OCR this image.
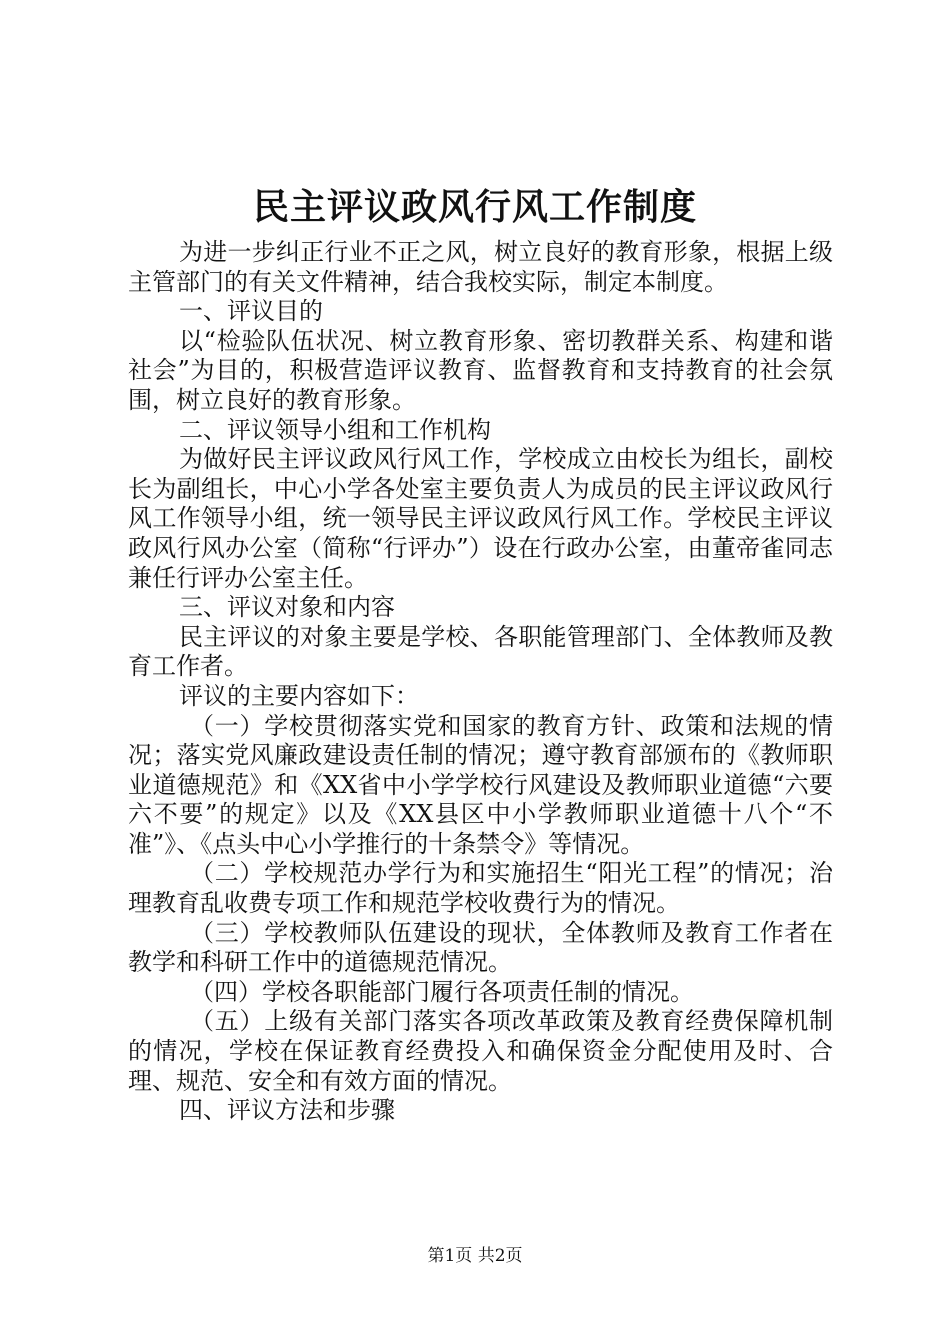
民主评议政风行风工作制度

为进一步纠正行业不正之风，树立良好的教育形象，根据上级主管部门的有关文件精神，结合我校实际，制定本制度。

一、评议目的

以“检验队伍状况、树立教育形象、密切教群关系、构建和谐社会”为目的，积极营造评议教育、监督教育和支持教育的社会氛围，树立良好的教育形象。

二、评议领导小组和工作机构

为做好民主评议政风行风工作，学校成立由校长为组长，副校长为副组长，中心小学各处室主要负责人为成员的民主评议政风行风工作领导小组，统一领导民主评议政风行风工作。学校民主评议政风行风办公室（简称“行评办”）设在行政办公室，由董帝雀同志兼任行评办公室主任。

三、评议对象和内容

民主评议的对象主要是学校、各职能管理部门、全体教师及教育工作者。

评议的主要内容如下：

（一）学校贯彻落实党和国家的教育方针、政策和法规的情况；落实党风廉政建设责任制的情况；遵守教育部颁布的《教师职业道德规范》和《XX省中小学学校行风建设及教师职业道德“六要六不要”的规定》以及《XX县区中小学教师职业道德十八个“不准”》、《点头中心小学推行的十条禁令》等情况。

（二）学校规范办学行为和实施招生“阳光工程”的情况；治理教育乱收费专项工作和规范学校收费行为的情况。

（三）学校教师队伍建设的现状，全体教师及教育工作者在教学和科研工作中的道德规范情况。

（四）学校各职能部门履行各项责任制的情况。

（五）上级有关部门落实各项改革政策及教育经费保障机制的情况，学校在保证教育经费投入和确保资金分配使用及时、合理、规范、安全和有效方面的情况。

四、评议方法和步骤

第1页 共2页
